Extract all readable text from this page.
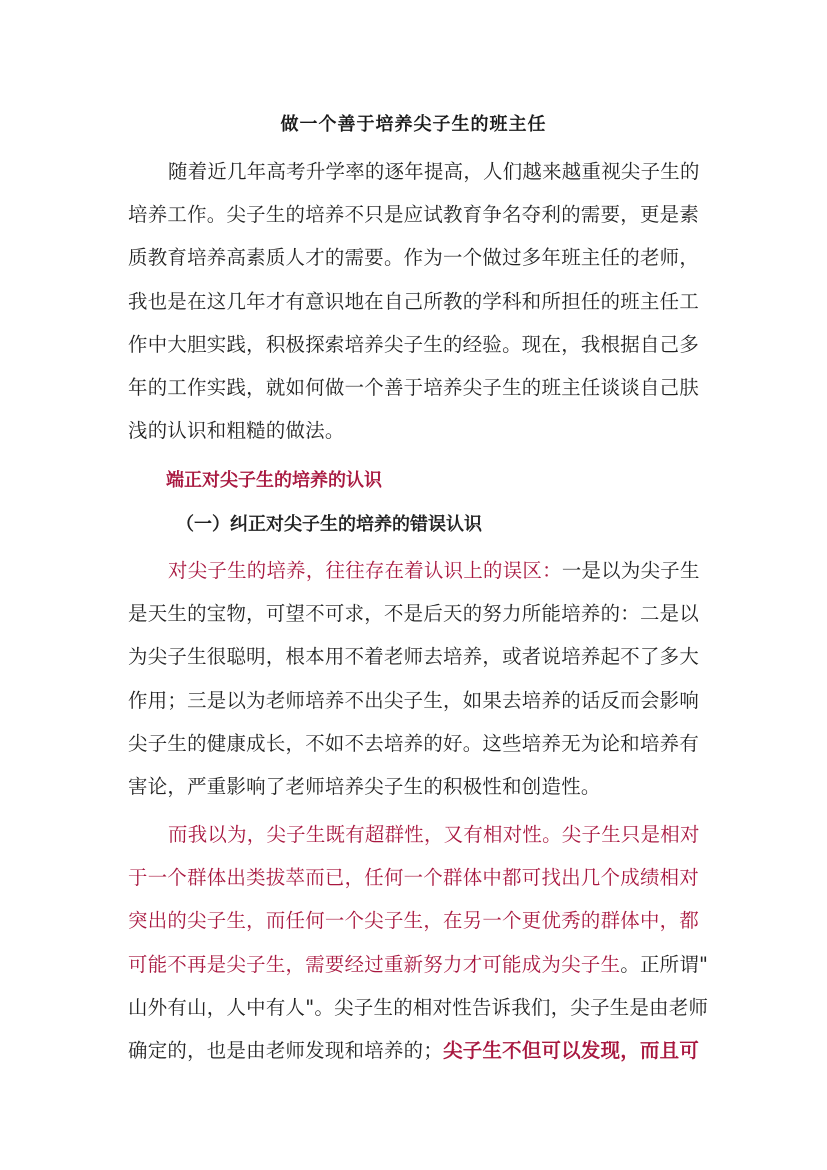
做一个善于培养尖子生的班主任
随着近几年高考升学率的逐年提高，人们越来越重视尖子生的
培养工作。尖子生的培养不只是应试教育争名夺利的需要，更是素
质教育培养高素质人才的需要。作为一个做过多年班主任的老师，
我也是在这几年才有意识地在自己所教的学科和所担任的班主任工
作中大胆实践，积极探索培养尖子生的经验。现在，我根据自己多
年的工作实践，就如何做一个善于培养尖子生的班主任谈谈自己肤
浅的认识和粗糙的做法。
端正对尖子生的培养的认识
（一）纠正对尖子生的培养的错误认识
对尖子生的培养，往往存在着认识上的误区：一是以为尖子生
是天生的宝物，可望不可求，不是后天的努力所能培养的：二是以
为尖子生很聪明，根本用不着老师去培养，或者说培养起不了多大
作用；三是以为老师培养不出尖子生，如果去培养的话反而会影响
尖子生的健康成长，不如不去培养的好。这些培养无为论和培养有
害论，严重影响了老师培养尖子生的积极性和创造性。
而我以为，尖子生既有超群性，又有相对性。尖子生只是相对
于一个群体出类拔萃而已，任何一个群体中都可找出几个成绩相对
突出的尖子生，而任何一个尖子生，在另一个更优秀的群体中，都
可能不再是尖子生，需要经过重新努力才可能成为尖子生。正所谓"
山外有山，人中有人"。尖子生的相对性告诉我们，尖子生是由老师
确定的，也是由老师发现和培养的；尖子生不但可以发现，而且可
